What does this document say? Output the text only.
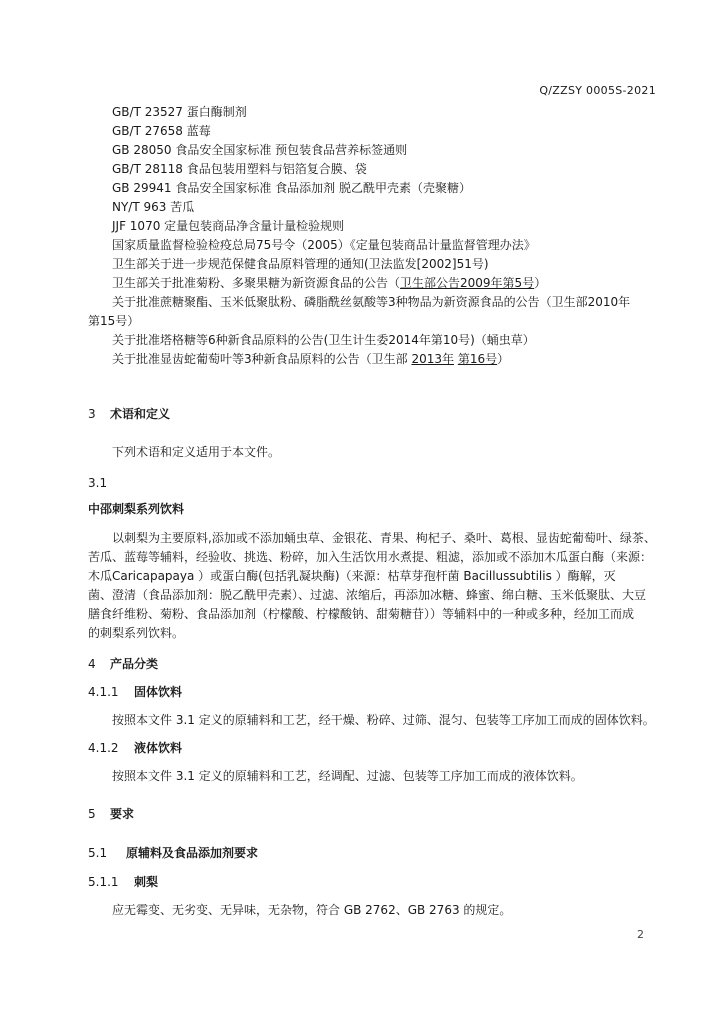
Q/ZZSY 0005S-2021
GB/T 23527 蛋白酶制剂
GB/T 27658 蓝莓
GB 28050 食品安全国家标准 预包装食品营养标签通则
GB/T 28118 食品包装用塑料与铝箔复合膜、袋
GB 29941 食品安全国家标准 食品添加剂 脱乙酰甲壳素（壳聚糖）
NY/T 963 苦瓜
JJF 1070 定量包装商品净含量计量检验规则
国家质量监督检验检疫总局75号令（2005）《定量包装商品计量监督管理办法》
卫生部关于进一步规范保健食品原料管理的通知(卫法监发[2002]51号)
卫生部关于批准菊粉、多聚果糖为新资源食品的公告（卫生部公告2009年第5号）
关于批准蔗糖聚酯、玉米低聚肽粉、磷脂酰丝氨酸等3种物品为新资源食品的公告（卫生部2010年
第15号）
关于批准塔格糖等6种新食品原料的公告(卫生计生委2014年第10号)（蛹虫草）
关于批准显齿蛇葡萄叶等3种新食品原料的公告（卫生部 2013年 第16号）
3 术语和定义
下列术语和定义适用于本文件。
3.1
中邵刺梨系列饮料
以刺梨为主要原料,添加或不添加蛹虫草、金银花、青果、枸杞子、桑叶、葛根、显齿蛇葡萄叶、绿茶、
苦瓜、蓝莓等辅料，经验收、挑选、粉碎，加入生活饮用水煮提、粗滤，添加或不添加木瓜蛋白酶（来源：
木瓜Caricapapaya ）或蛋白酶(包括乳凝块酶)（来源：枯草芽孢杆菌 Bacillussubtilis ）酶解，灭
菌、澄清（食品添加剂：脱乙酰甲壳素）、过滤、浓缩后，再添加冰糖、蜂蜜、绵白糖、玉米低聚肽、大豆
膳食纤维粉、菊粉、食品添加剂（柠檬酸、柠檬酸钠、甜菊糖苷））等辅料中的一种或多种，经加工而成
的刺梨系列饮料。
4 产品分类
4.1.1 固体饮料
按照本文件 3.1 定义的原辅料和工艺，经干燥、粉碎、过筛、混匀、包装等工序加工而成的固体饮料。
4.1.2 液体饮料
按照本文件 3.1 定义的原辅料和工艺，经调配、过滤、包装等工序加工而成的液体饮料。
5 要求
5.1 原辅料及食品添加剂要求
5.1.1 刺梨
应无霉变、无劣变、无异味，无杂物，符合 GB 2762、GB 2763 的规定。
2
